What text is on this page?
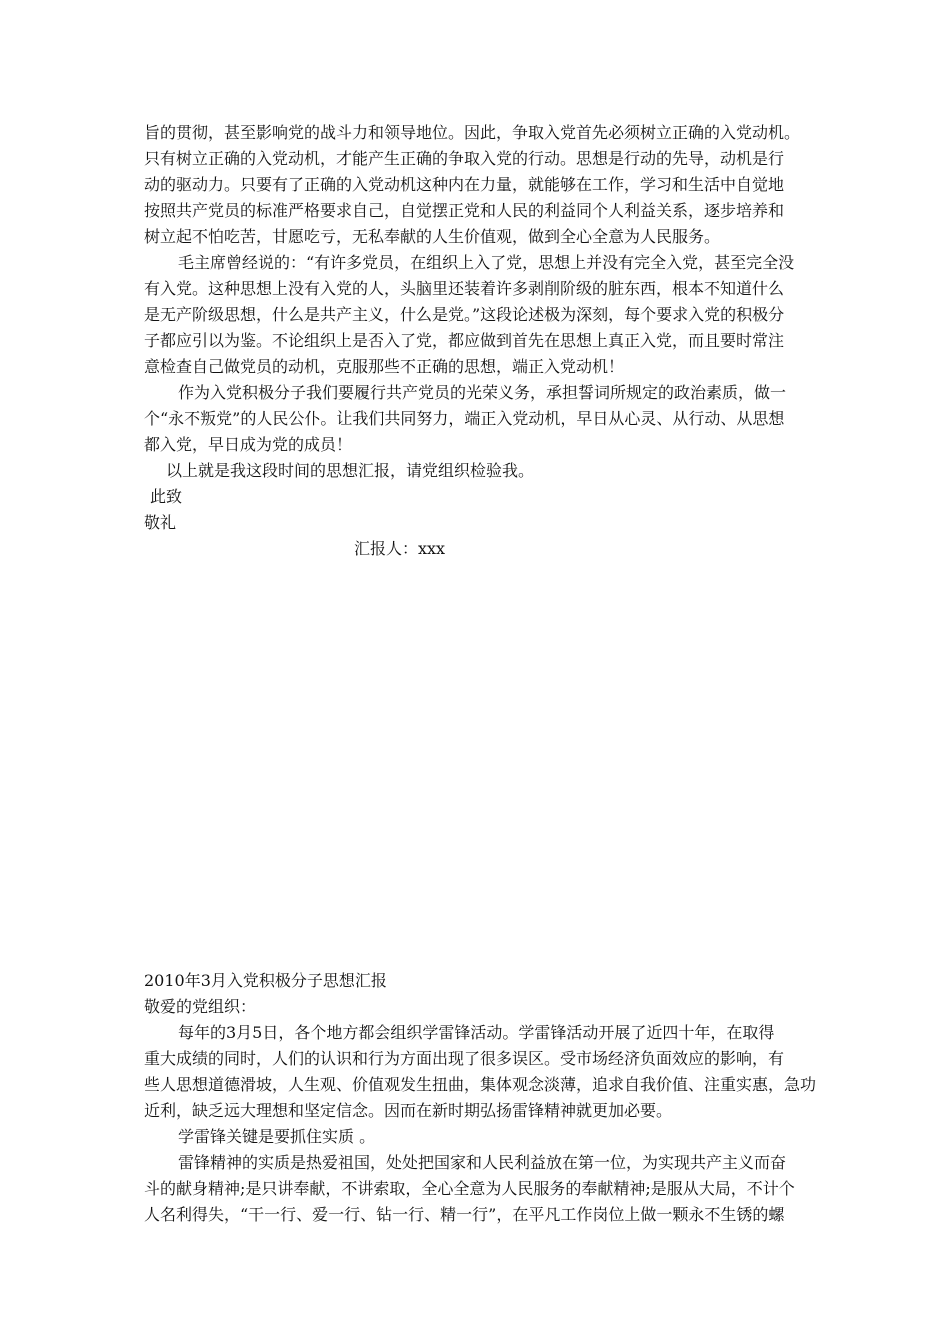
旨的贯彻，甚至影响党的战斗力和领导地位。因此，争取入党首先必须树立正确的入党动机。
只有树立正确的入党动机，才能产生正确的争取入党的行动。思想是行动的先导，动机是行
动的驱动力。只要有了正确的入党动机这种内在力量，就能够在工作，学习和生活中自觉地
按照共产党员的标准严格要求自己，自觉摆正党和人民的利益同个人利益关系，逐步培养和
树立起不怕吃苦，甘愿吃亏，无私奉献的人生价值观，做到全心全意为人民服务。
毛主席曾经说的：“有许多党员，在组织上入了党，思想上并没有完全入党，甚至完全没
有入党。这种思想上没有入党的人，头脑里还装着许多剥削阶级的脏东西，根本不知道什么
是无产阶级思想，什么是共产主义，什么是党。”这段论述极为深刻，每个要求入党的积极分
子都应引以为鉴。不论组织上是否入了党，都应做到首先在思想上真正入党，而且要时常注
意检查自己做党员的动机，克服那些不正确的思想，端正入党动机！
作为入党积极分子我们要履行共产党员的光荣义务，承担誓词所规定的政治素质，做一
个“永不叛党”的人民公仆。让我们共同努力，端正入党动机，早日从心灵、从行动、从思想
都入党，早日成为党的成员！
以上就是我这段时间的思想汇报，请党组织检验我。
此致
敬礼
汇报人：xxx
2010年3月入党积极分子思想汇报
敬爱的党组织：
每年的3月5日，各个地方都会组织学雷锋活动。学雷锋活动开展了近四十年，在取得
重大成绩的同时，人们的认识和行为方面出现了很多误区。受市场经济负面效应的影响，有
些人思想道德滑坡，人生观、价值观发生扭曲，集体观念淡薄，追求自我价值、注重实惠，急功
近利，缺乏远大理想和坚定信念。因而在新时期弘扬雷锋精神就更加必要。
学雷锋关键是要抓住实质 。
雷锋精神的实质是热爱祖国，处处把国家和人民利益放在第一位，为实现共产主义而奋
斗的献身精神;是只讲奉献，不讲索取，全心全意为人民服务的奉献精神;是服从大局，不计个
人名利得失，“干一行、爱一行、钻一行、精一行”，在平凡工作岗位上做一颗永不生锈的螺
